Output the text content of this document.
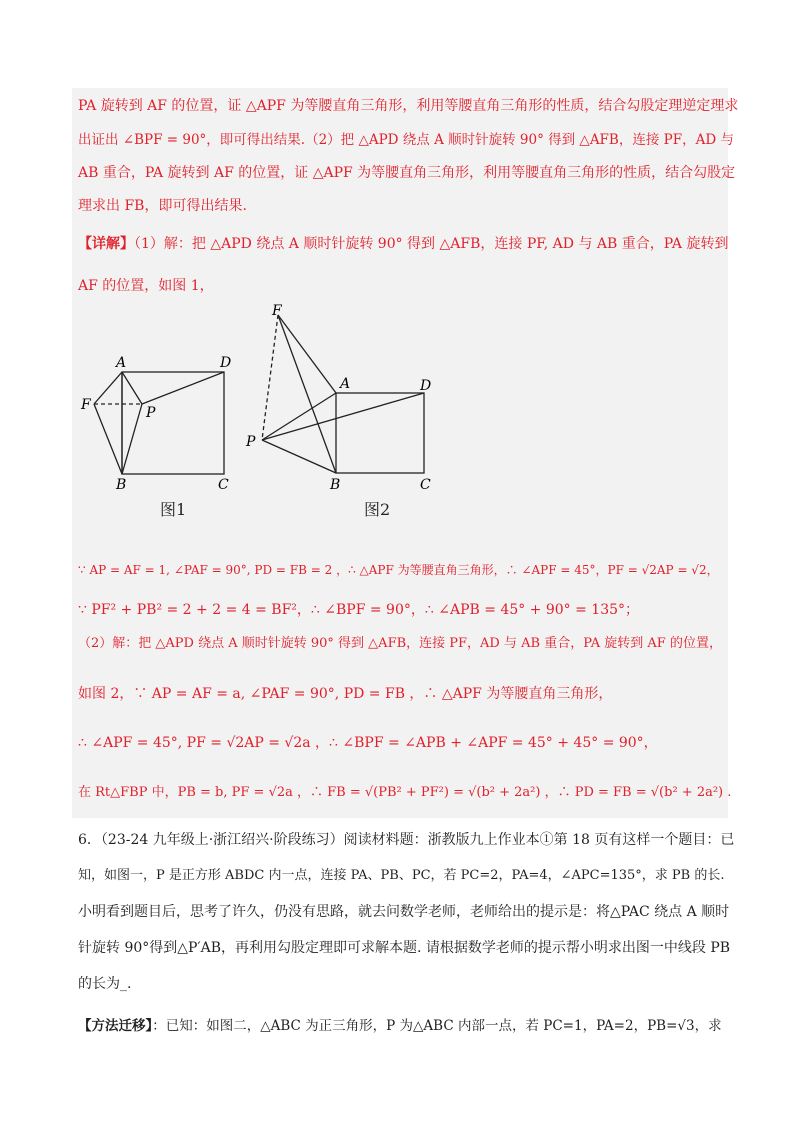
PA 旋转到 AF 的位置，证 △APF 为等腰直角三角形，利用等腰直角三角形的性质，结合勾股定理逆定理求
出证出 ∠BPF = 90°，即可得出结果.（2）把 △APD 绕点 A 顺时针旋转 90° 得到 △AFB，连接 PF，AD 与
AB 重合，PA 旋转到 AF 的位置，证 △APF 为等腰直角三角形，利用等腰直角三角形的性质，结合勾股定
理求出 FB，即可得出结果.
【详解】（1）解：把 △APD 绕点 A 顺时针旋转 90° 得到 △AFB，连接 PF, AD 与 AB 重合，PA 旋转到
AF 的位置，如图 1，
A	D
F	P
B	C
图1
F
A	D
P
B	C
图2
∵ AP = AF = 1, ∠PAF = 90°, PD = FB = 2 ，∴ △APF 为等腰直角三角形，∴ ∠APF = 45°，PF = √2AP = √2，
∵ PF² + PB² = 2 + 2 = 4 = BF²，∴ ∠BPF = 90°，∴ ∠APB = 45° + 90° = 135°；
（2）解：把 △APD 绕点 A 顺时针旋转 90° 得到 △AFB，连接 PF，AD 与 AB 重合，PA 旋转到 AF 的位置，
如图 2，∵ AP = AF = a, ∠PAF = 90°, PD = FB ，∴ △APF 为等腰直角三角形，
∴ ∠APF = 45°, PF = √2AP = √2a ，∴ ∠BPF = ∠APB + ∠APF = 45° + 45° = 90°，
在 Rt△FBP 中，PB = b, PF = √2a ，∴ FB = √(PB² + PF²) = √(b² + 2a²) ，∴ PD = FB = √(b² + 2a²) .
6．（23-24 九年级上·浙江绍兴·阶段练习）阅读材料题：浙教版九上作业本①第 18 页有这样一个题目：已
知，如图一，P 是正方形 ABDC 内一点，连接 PA、PB、PC，若 PC=2，PA=4，∠APC=135°，求 PB 的长.
小明看到题目后，思考了许久，仍没有思路，就去问数学老师，老师给出的提示是：将△PAC 绕点 A 顺时
针旋转 90°得到△P′AB，再利用勾股定理即可求解本题. 请根据数学老师的提示帮小明求出图一中线段 PB
的长为_.
【方法迁移】：已知：如图二，△ABC 为正三角形，P 为△ABC 内部一点，若 PC=1，PA=2，PB=√3，求
